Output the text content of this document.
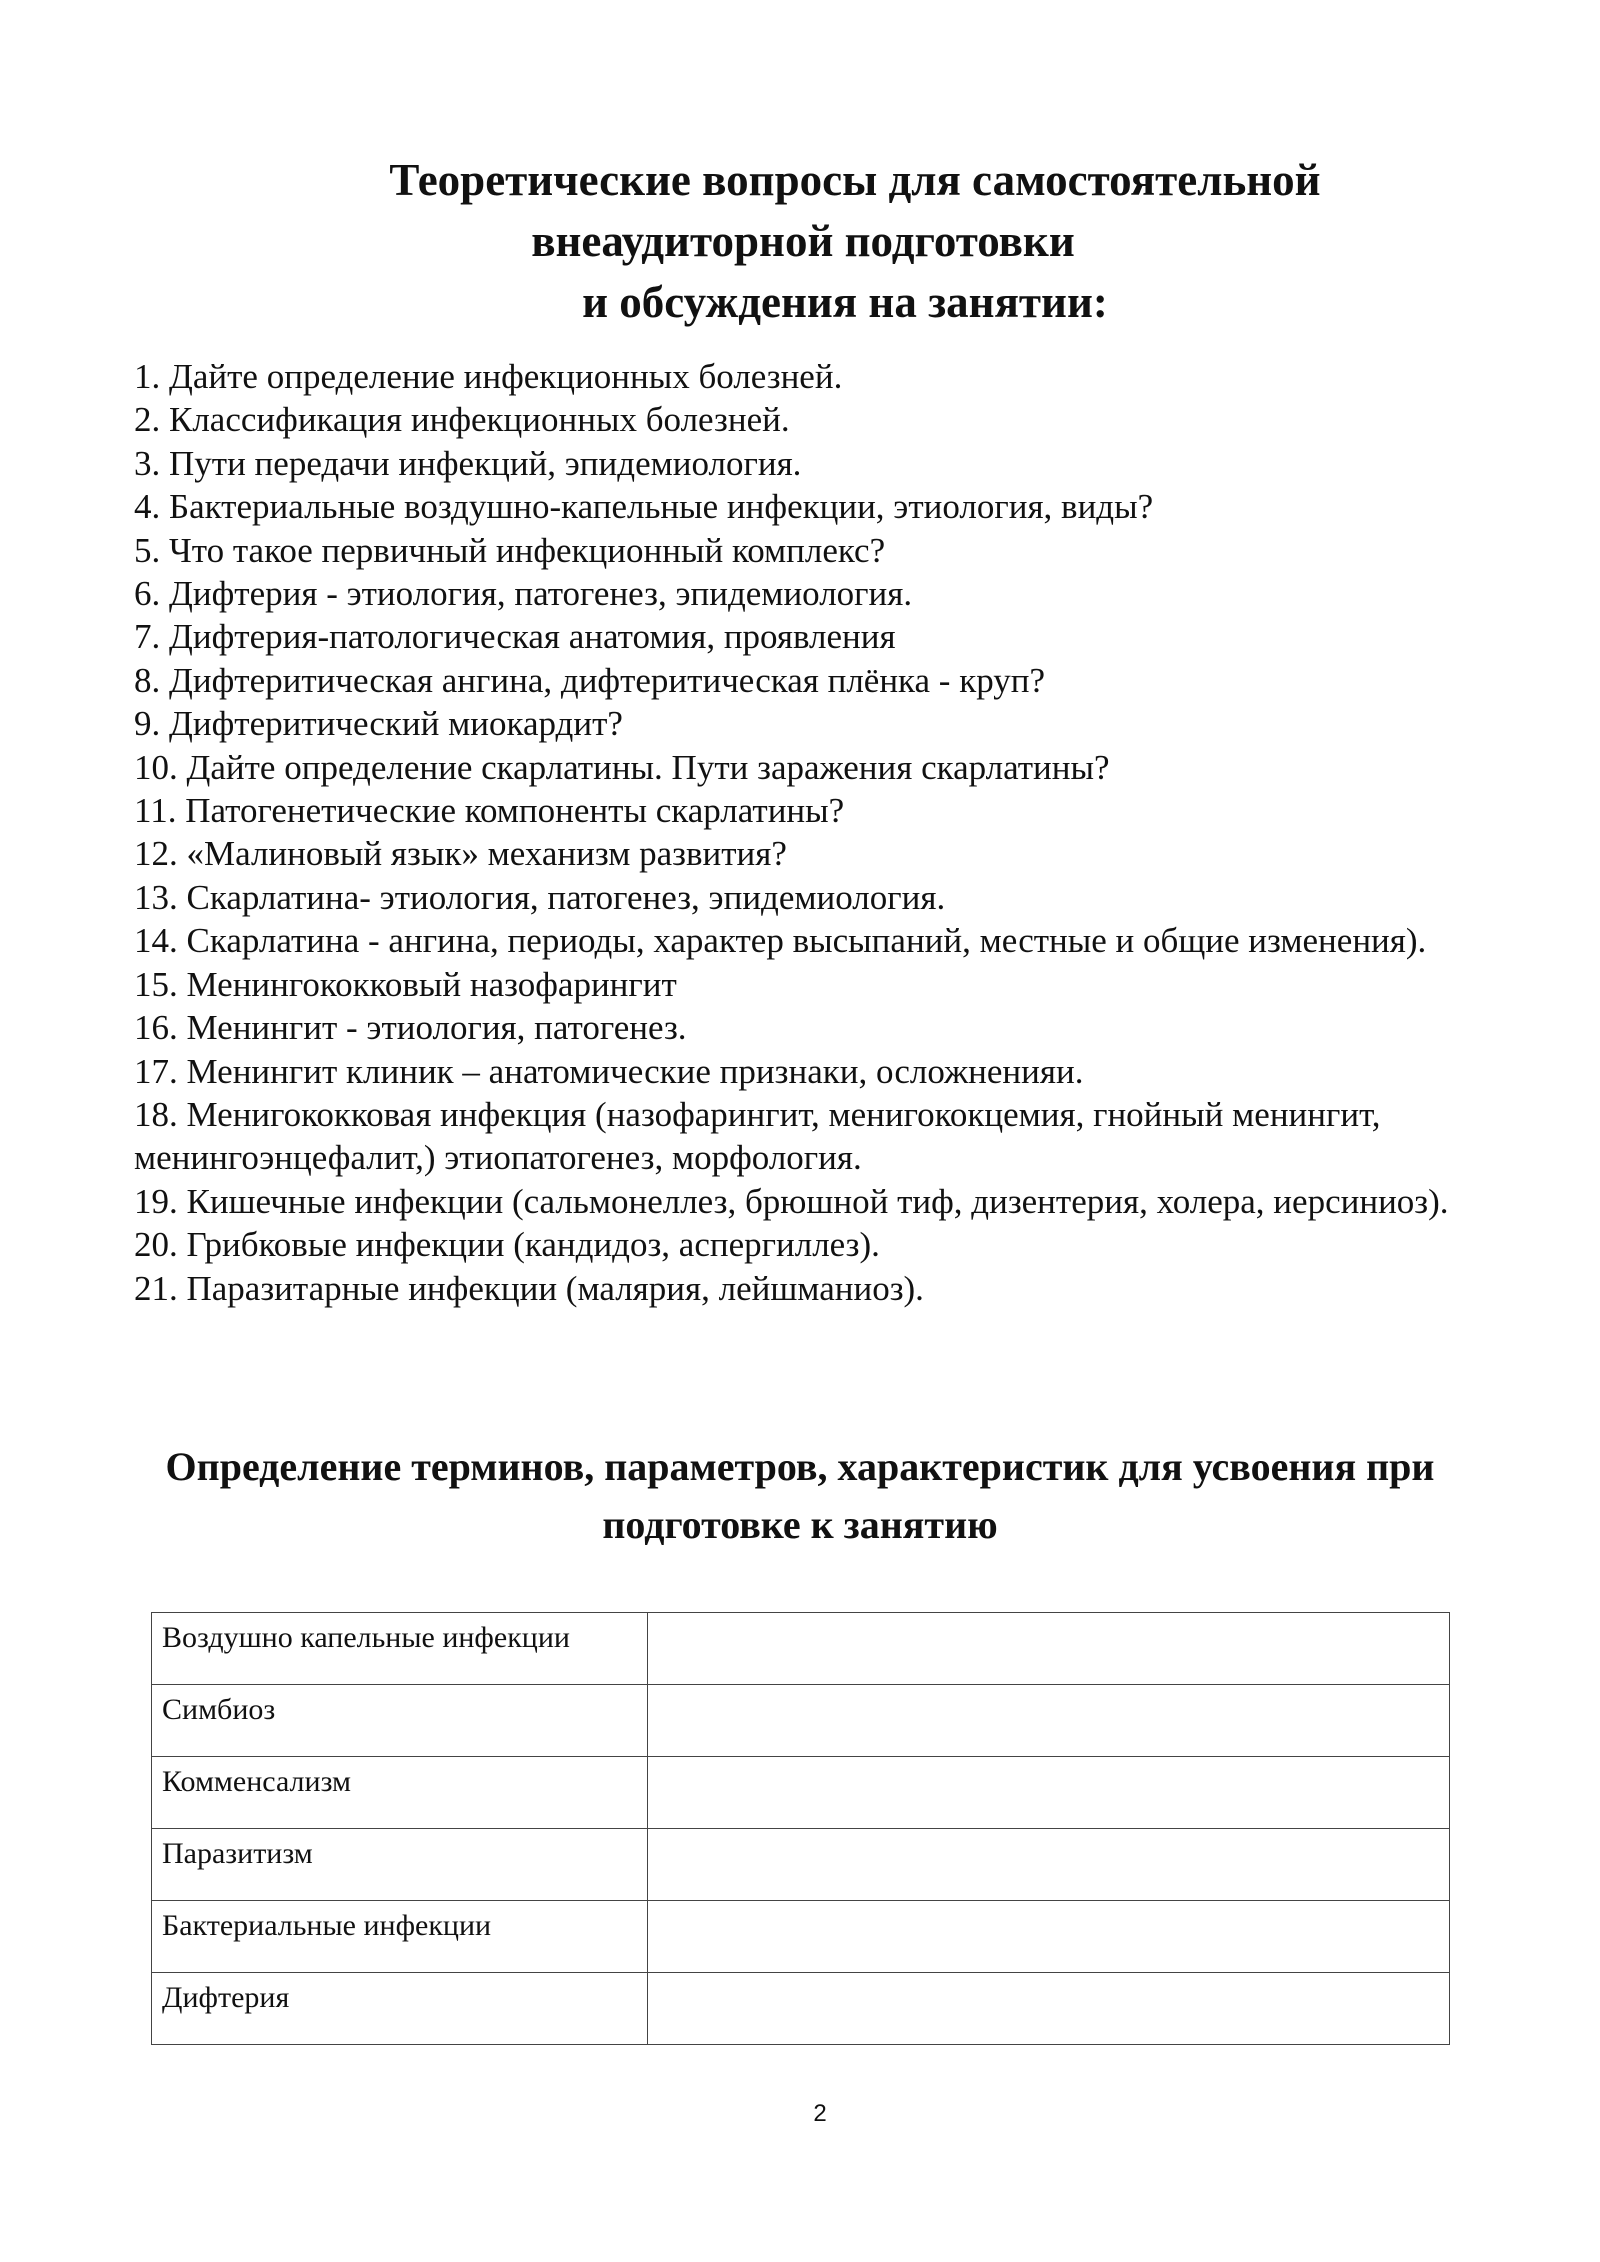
Теоретические вопросы для самостоятельной
внеаудиторной подготовки
и обсуждения на занятии:
1. Дайте определение инфекционных болезней.
2. Классификация инфекционных болезней.
3. Пути передачи инфекций, эпидемиология.
4. Бактериальные воздушно-капельные инфекции, этиология, виды?
5. Что такое первичный инфекционный комплекс?
6. Дифтерия - этиология, патогенез, эпидемиология.
7. Дифтерия-патологическая анатомия, проявления
8. Дифтеритическая ангина, дифтеритическая плёнка - круп?
9. Дифтеритический миокардит?
10. Дайте определение скарлатины. Пути заражения скарлатины?
11. Патогенетические компоненты скарлатины?
12. «Малиновый язык» механизм развития?
13. Скарлатина- этиология, патогенез, эпидемиология.
14. Скарлатина - ангина, периоды, характер высыпаний, местные и общие изменения).
15. Менингококковый назофарингит
16. Менингит - этиология, патогенез.
17. Менингит клиник – анатомические признаки, осложненияи.
18. Менигококковая инфекция (назофарингит, менигококцемия, гнойный менингит, менингоэнцефалит,) этиопатогенез, морфология.
19. Кишечные инфекции (сальмонеллез, брюшной тиф, дизентерия, холера, иерсиниоз).
20. Грибковые инфекции (кандидоз, аспергиллез).
21. Паразитарные инфекции (малярия, лейшманиоз).
Определение терминов, параметров, характеристик для усвоения при подготовке к занятию
Воздушно капельные инфекции	
Симбиоз	
Комменсализм	
Паразитизм	
Бактериальные инфекции	
Дифтерия	
2
